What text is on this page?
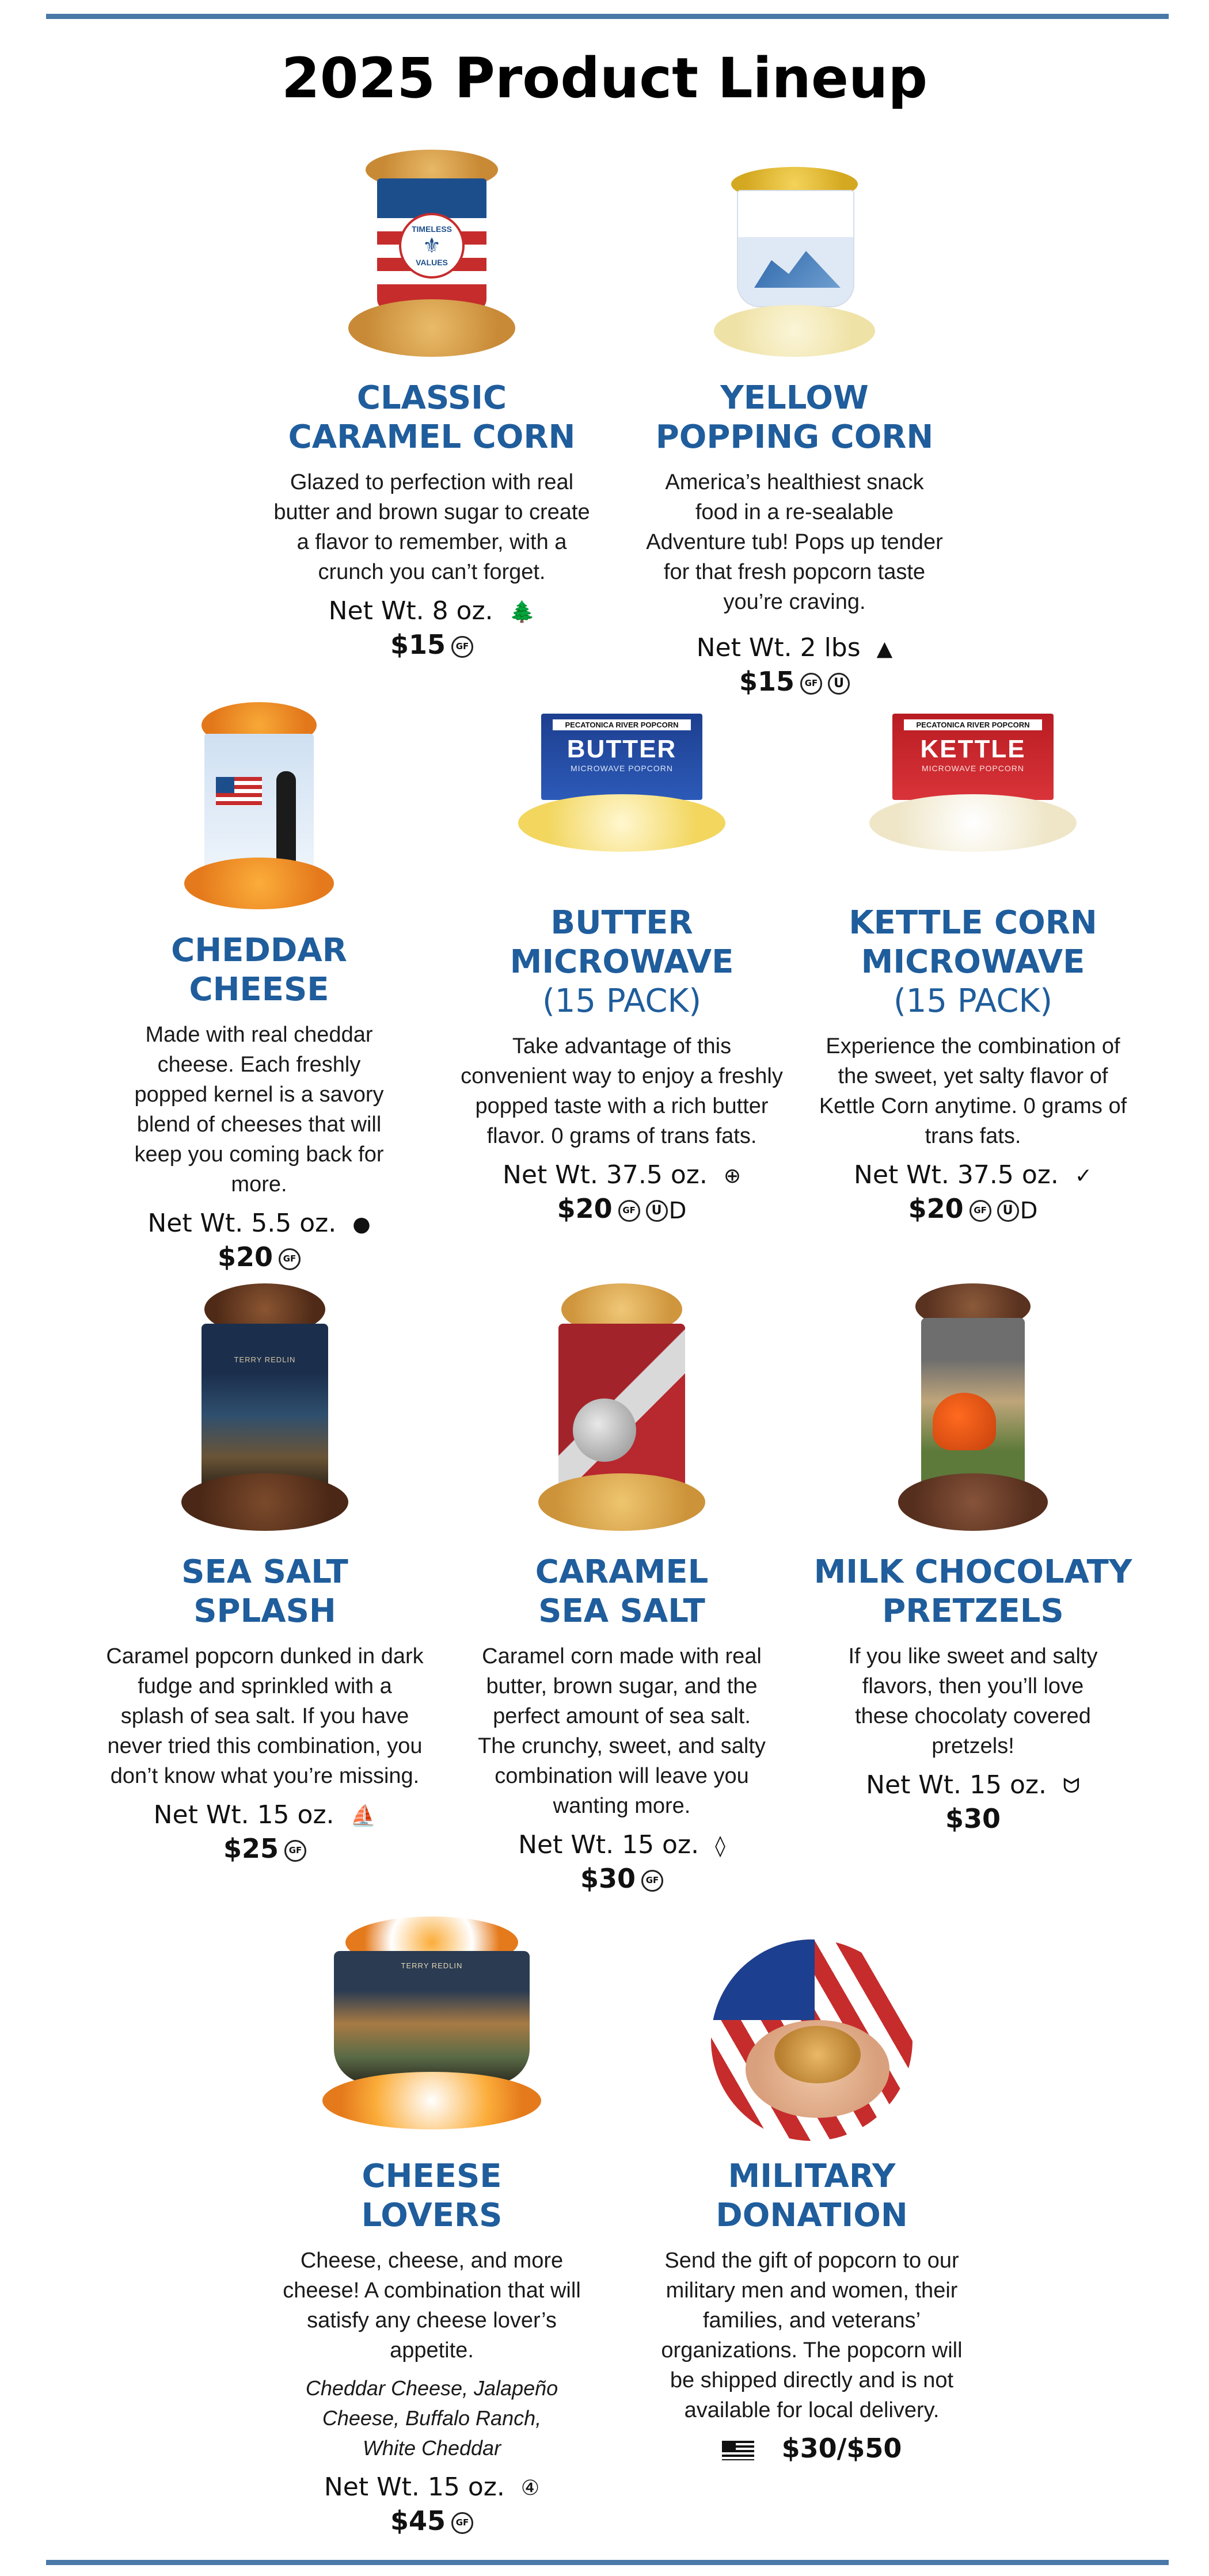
2025 Product Lineup
TIMELESS
⚜
VALUES
CLASSIC
CARAMEL CORN
Glazed to perfection with real butter and brown sugar to create a flavor to remember, with a crunch you can’t forget.
Net Wt. 8 oz. 🌲
$15 GF
YELLOW
POPPING CORN
America’s healthiest snack food in a re-sealable Adventure tub! Pops up tender for that fresh popcorn taste you’re craving.
Net Wt. 2 lbs ▲
$15 GF U
CHEDDAR
CHEESE
Made with real cheddar cheese. Each freshly popped kernel is a savory blend of cheeses that will keep you coming back for more.
Net Wt. 5.5 oz. ●
$20 GF
PECATONICA RIVER POPCORN
BUTTER
MICROWAVE POPCORN
BUTTER
MICROWAVE
(15 PACK)
Take advantage of this convenient way to enjoy a freshly popped taste with a rich butter flavor. 0 grams of trans fats.
Net Wt. 37.5 oz. ⊕
$20 GF U D
PECATONICA RIVER POPCORN
KETTLE
MICROWAVE POPCORN
KETTLE CORN
MICROWAVE
(15 PACK)
Experience the combination of the sweet, yet salty flavor of Kettle Corn anytime. 0 grams of trans fats.
Net Wt. 37.5 oz. ✓
$20 GF U D
TERRY REDLIN
SEA SALT
SPLASH
Caramel popcorn dunked in dark fudge and sprinkled with a splash of sea salt. If you have never tried this combination, you don’t know what you’re missing.
Net Wt. 15 oz. ⛵
$25 GF
CARAMEL
SEA SALT
Caramel corn made with real butter, brown sugar, and the perfect amount of sea salt. The crunchy, sweet, and salty combination will leave you wanting more.
Net Wt. 15 oz. ◊
$30 GF
MILK CHOCOLATY
PRETZELS
If you like sweet and salty flavors, then you’ll love these chocolaty covered pretzels!
Net Wt. 15 oz. ᗢ
$30
TERRY REDLIN
CHEESE
LOVERS
Cheese, cheese, and more cheese! A combination that will satisfy any cheese lover’s appetite.
Cheddar Cheese, Jalapeño Cheese, Buffalo Ranch, White Cheddar
Net Wt. 15 oz. ④
$45 GF
MILITARY
DONATION
Send the gift of popcorn to our military men and women, their families, and veterans’ organizations. The popcorn will be shipped directly and is not available for local delivery.
$30/$50
